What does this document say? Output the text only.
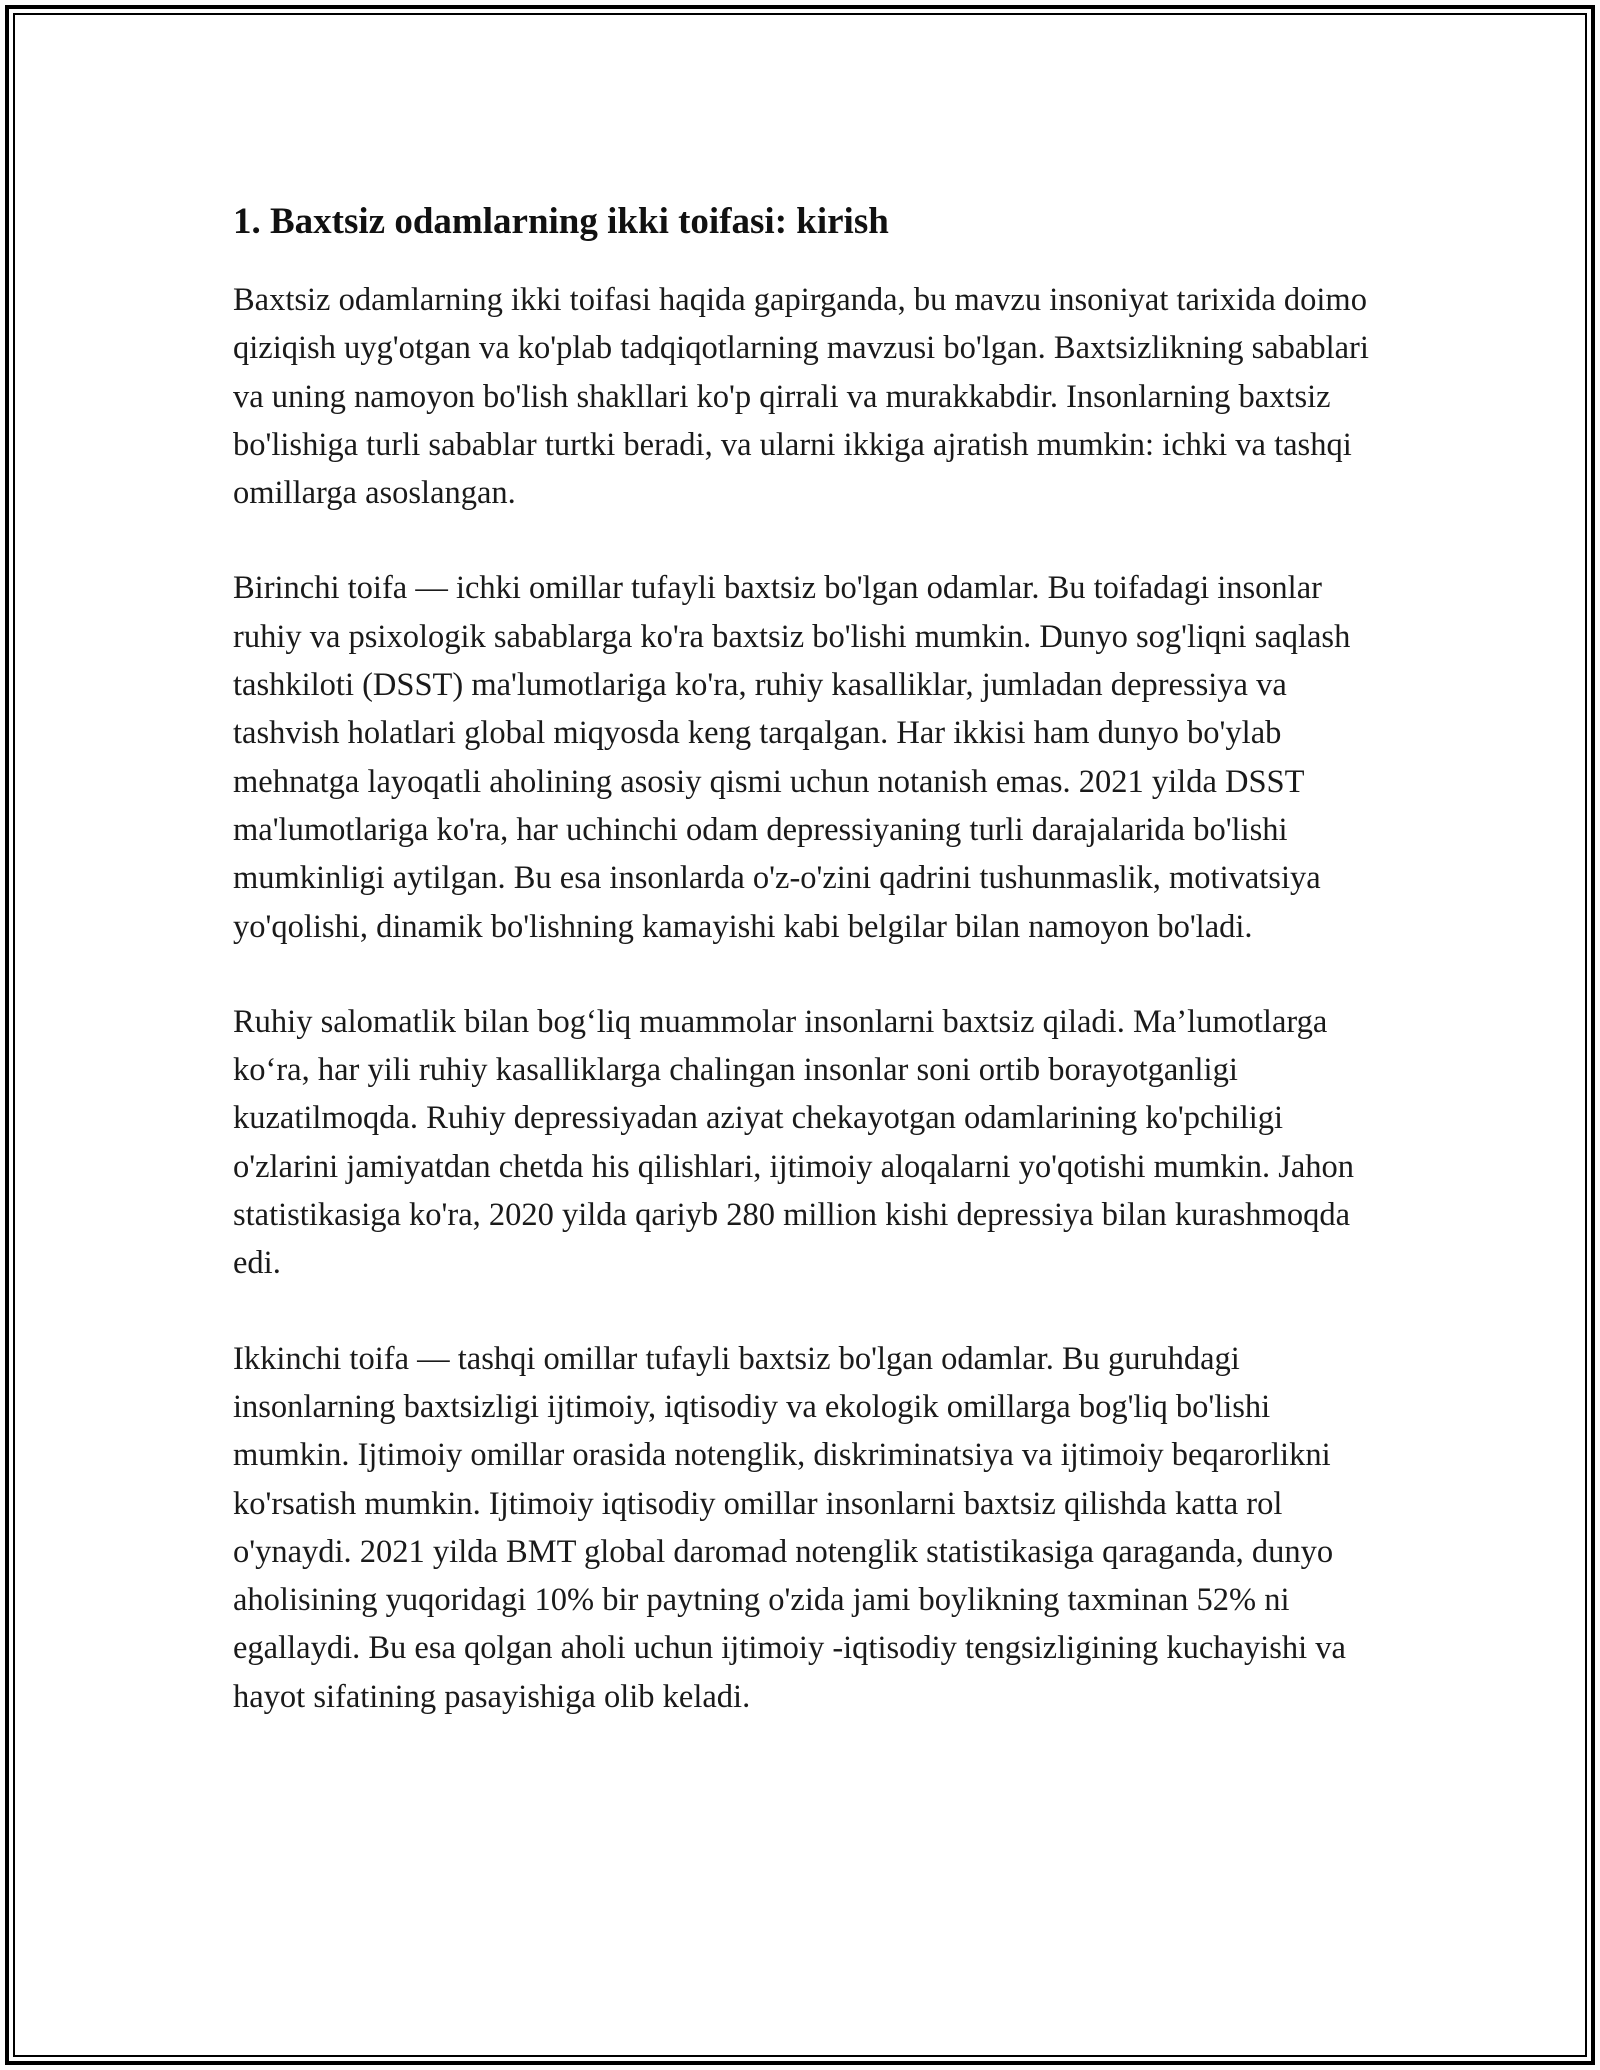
1. Baxtsiz odamlarning ikki toifasi: kirish

Baxtsiz odamlarning ikki toifasi haqida gapirganda, bu mavzu insoniyat tarixida doimo qiziqish uyg'otgan va ko'plab tadqiqotlarning mavzusi bo'lgan. Baxtsizlikning sabablari va uning namoyon bo'lish shakllari ko'p qirrali va murakkabdir. Insonlarning baxtsiz bo'lishiga turli sabablar turtki beradi, va ularni ikkiga ajratish mumkin: ichki va tashqi omillarga asoslangan.

Birinchi toifa — ichki omillar tufayli baxtsiz bo'lgan odamlar. Bu toifadagi insonlar ruhiy va psixologik sabablarga ko'ra baxtsiz bo'lishi mumkin. Dunyo sog'liqni saqlash tashkiloti (DSST) ma'lumotlariga ko'ra, ruhiy kasalliklar, jumladan depressiya va tashvish holatlari global miqyosda keng tarqalgan. Har ikkisi ham dunyo bo'ylab mehnatga layoqatli aholining asosiy qismi uchun notanish emas. 2021 yilda DSST ma'lumotlariga ko'ra, har uchinchi odam depressiyaning turli darajalarida bo'lishi mumkinligi aytilgan. Bu esa insonlarda o'z-o'zini qadrini tushunmaslik, motivatsiya yo'qolishi, dinamik bo'lishning kamayishi kabi belgilar bilan namoyon bo'ladi.

Ruhiy salomatlik bilan bog‘liq muammolar insonlarni baxtsiz qiladi. Ma’lumotlarga ko‘ra, har yili ruhiy kasalliklarga chalingan insonlar soni ortib borayotganligi kuzatilmoqda. Ruhiy depressiyadan aziyat chekayotgan odamlarining ko'pchiligi o'zlarini jamiyatdan chetda his qilishlari, ijtimoiy aloqalarni yo'qotishi mumkin. Jahon statistikasiga ko'ra, 2020 yilda qariyb 280 million kishi depressiya bilan kurashmoqda edi.

Ikkinchi toifa — tashqi omillar tufayli baxtsiz bo'lgan odamlar. Bu guruhdagi insonlarning baxtsizligi ijtimoiy, iqtisodiy va ekologik omillarga bog'liq bo'lishi mumkin. Ijtimoiy omillar orasida notenglik, diskriminatsiya va ijtimoiy beqarorlikni ko'rsatish mumkin. Ijtimoiy iqtisodiy omillar insonlarni baxtsiz qilishda katta rol o'ynaydi. 2021 yilda BMT global daromad notenglik statistikasiga qaraganda, dunyo aholisining yuqoridagi 10% bir paytning o'zida jami boylikning taxminan 52% ni egallaydi. Bu esa qolgan aholi uchun ijtimoiy -iqtisodiy tengsizligining kuchayishi va hayot sifatining pasayishiga olib keladi.
